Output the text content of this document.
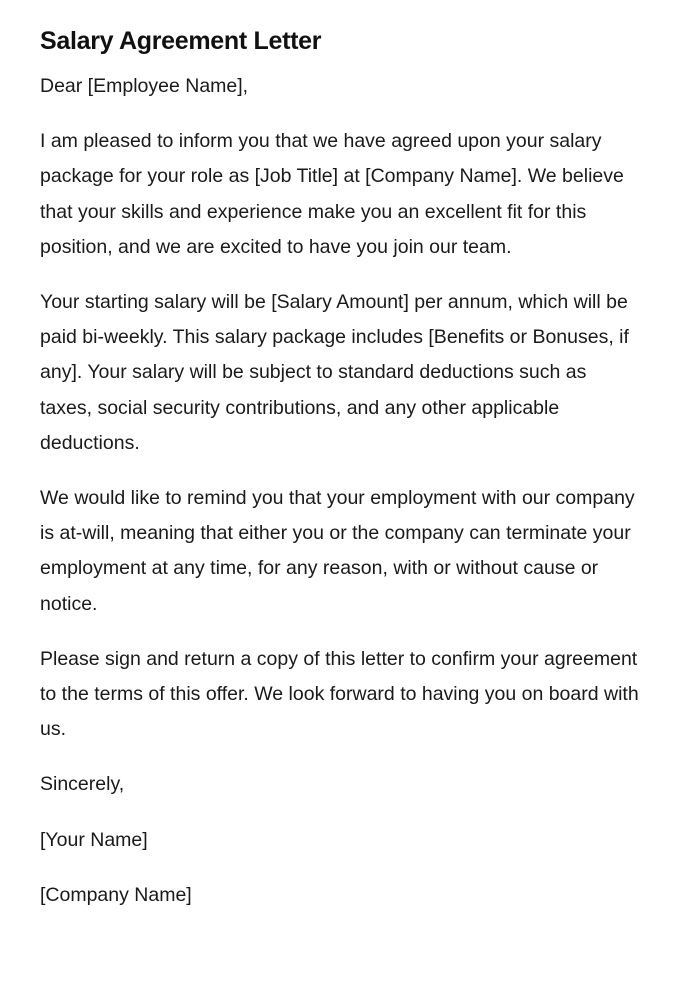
Salary Agreement Letter

Dear [Employee Name],

I am pleased to inform you that we have agreed upon your salary package for your role as [Job Title] at [Company Name]. We believe that your skills and experience make you an excellent fit for this position, and we are excited to have you join our team.

Your starting salary will be [Salary Amount] per annum, which will be paid bi-weekly. This salary package includes [Benefits or Bonuses, if any]. Your salary will be subject to standard deductions such as taxes, social security contributions, and any other applicable deductions.

We would like to remind you that your employment with our company is at-will, meaning that either you or the company can terminate your employment at any time, for any reason, with or without cause or notice.

Please sign and return a copy of this letter to confirm your agreement to the terms of this offer. We look forward to having you on board with us.

Sincerely,

[Your Name]

[Company Name]
